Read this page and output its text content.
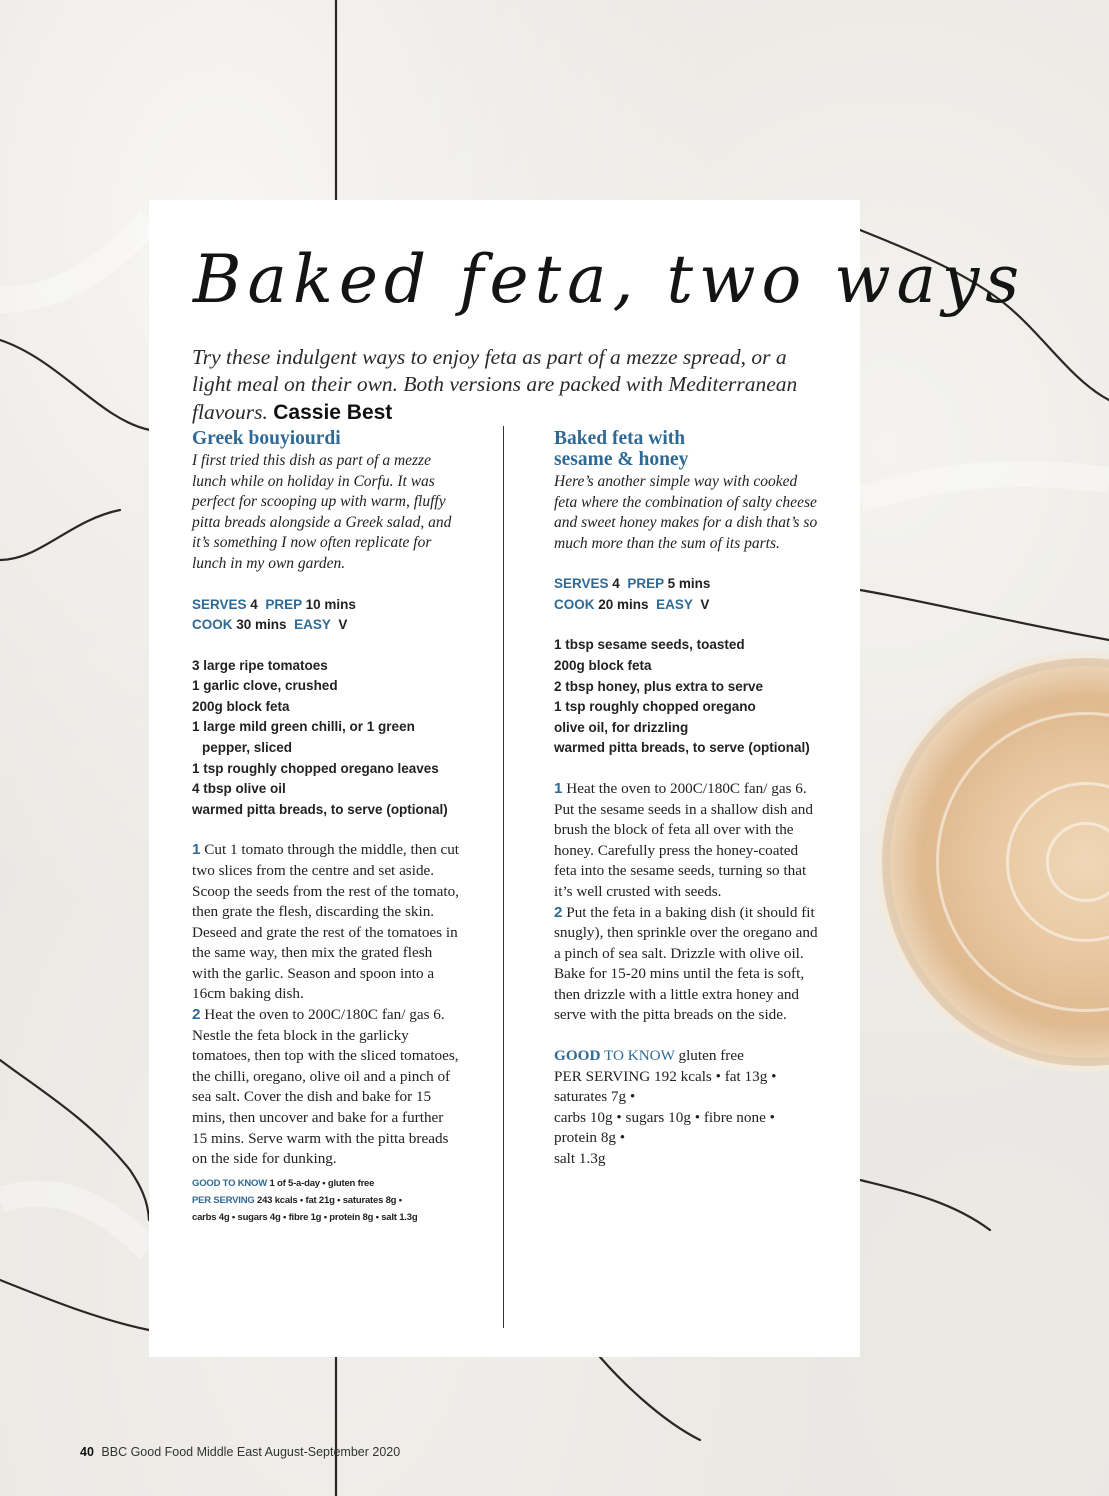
Baked feta, two ways

Try these indulgent ways to enjoy feta as part of a mezze spread, or a light meal on their own. Both versions are packed with Mediterranean flavours. Cassie Best

Greek bouyiourdi

I first tried this dish as part of a mezze lunch while on holiday in Corfu. It was perfect for scooping up with warm, fluffy pitta breads alongside a Greek salad, and it’s something I now often replicate for lunch in my own garden.

SERVES 4 PREP 10 mins
COOK 30 mins EASY V

3 large ripe tomatoes
1 garlic clove, crushed
200g block feta
1 large mild green chilli, or 1 green pepper, sliced
1 tsp roughly chopped oregano leaves
4 tbsp olive oil
warmed pitta breads, to serve (optional)

1 Cut 1 tomato through the middle, then cut two slices from the centre and set aside. Scoop the seeds from the rest of the tomato, then grate the flesh, discarding the skin. Deseed and grate the rest of the tomatoes in the same way, then mix the grated flesh with the garlic. Season and spoon into a 16cm baking dish.

2 Heat the oven to 200C/180C fan/ gas 6. Nestle the feta block in the garlicky tomatoes, then top with the sliced tomatoes, the chilli, oregano, olive oil and a pinch of sea salt. Cover the dish and bake for 15 mins, then uncover and bake for a further 15 mins. Serve warm with the pitta breads on the side for dunking.

GOOD TO KNOW 1 of 5-a-day • gluten free
PER SERVING 243 kcals • fat 21g • saturates 8g •
carbs 4g • sugars 4g • fibre 1g • protein 8g • salt 1.3g

Baked feta with
sesame & honey

Here’s another simple way with cooked feta where the combination of salty cheese and sweet honey makes for a dish that’s so much more than the sum of its parts.

SERVES 4 PREP 5 mins
COOK 20 mins EASY V

1 tbsp sesame seeds, toasted
200g block feta
2 tbsp honey, plus extra to serve
1 tsp roughly chopped oregano
olive oil, for drizzling
warmed pitta breads, to serve (optional)

1 Heat the oven to 200C/180C fan/ gas 6. Put the sesame seeds in a shallow dish and brush the block of feta all over with the honey. Carefully press the honey-coated feta into the sesame seeds, turning so that it’s well crusted with seeds.

2 Put the feta in a baking dish (it should fit snugly), then sprinkle over the oregano and a pinch of sea salt. Drizzle with olive oil. Bake for 15-20 mins until the feta is soft, then drizzle with a little extra honey and serve with the pitta breads on the side.

GOOD TO KNOW gluten free
PER SERVING 192 kcals • fat 13g •
saturates 7g •
carbs 10g • sugars 10g • fibre none •
protein 8g •
salt 1.3g

40 BBC Good Food Middle East August-September 2020
